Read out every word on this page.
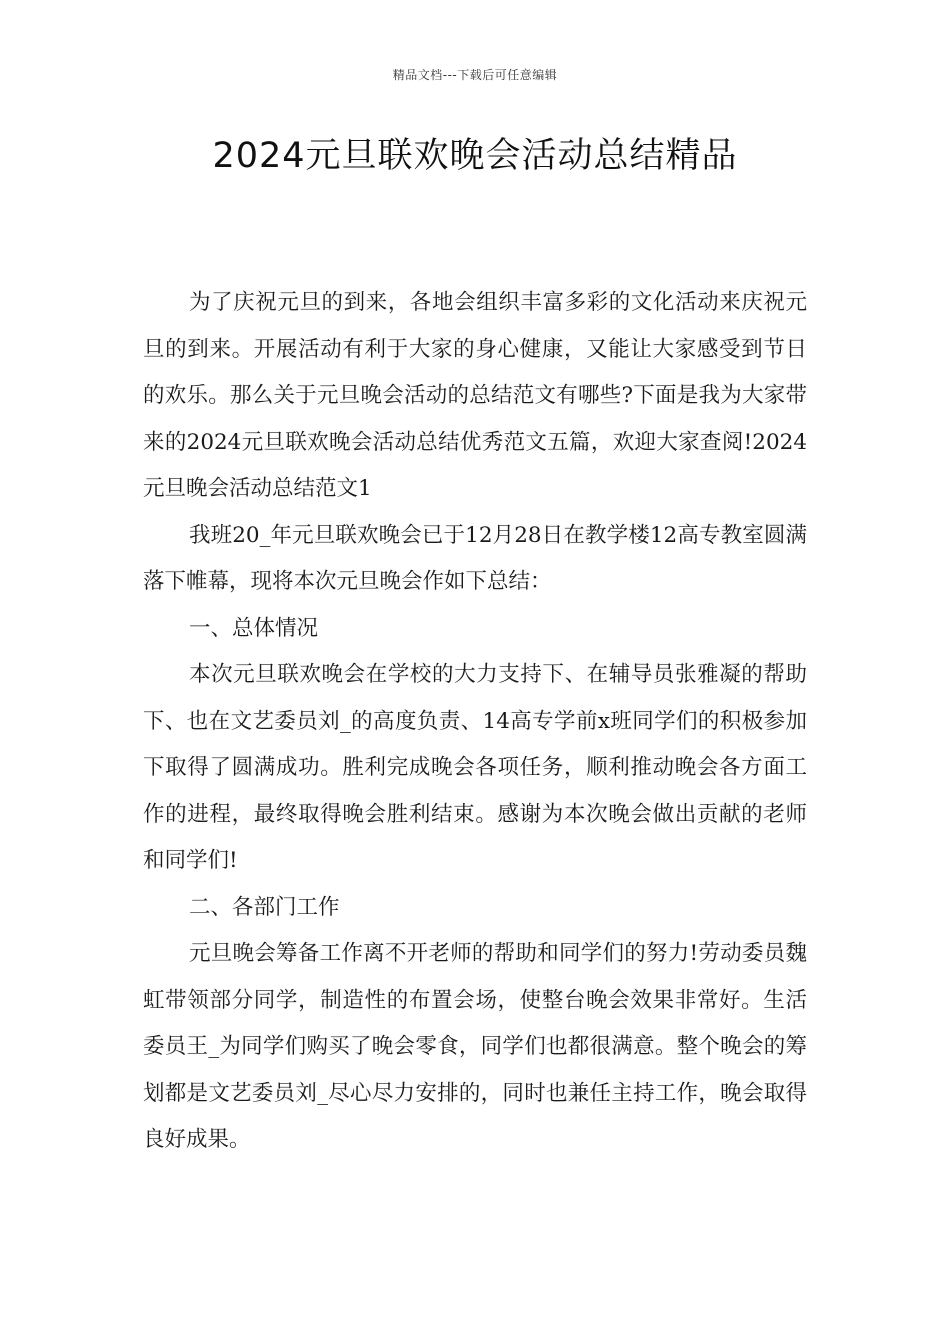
精品文档---下载后可任意编辑
2024元旦联欢晚会活动总结精品

为了庆祝元旦的到来，各地会组织丰富多彩的文化活动来庆祝元旦的到来。开展活动有利于大家的身心健康，又能让大家感受到节日的欢乐。那么关于元旦晚会活动的总结范文有哪些?下面是我为大家带来的2024元旦联欢晚会活动总结优秀范文五篇，欢迎大家查阅!2024元旦晚会活动总结范文1

我班20_年元旦联欢晚会已于12月28日在教学楼12高专教室圆满落下帷幕，现将本次元旦晚会作如下总结：

一、总体情况

本次元旦联欢晚会在学校的大力支持下、在辅导员张雅凝的帮助下、也在文艺委员刘_的高度负责、14高专学前x班同学们的积极参加下取得了圆满成功。胜利完成晚会各项任务，顺利推动晚会各方面工作的进程，最终取得晚会胜利结束。感谢为本次晚会做出贡献的老师和同学们!

二、各部门工作

元旦晚会筹备工作离不开老师的帮助和同学们的努力!劳动委员魏虹带领部分同学，制造性的布置会场，使整台晚会效果非常好。生活委员王_为同学们购买了晚会零食，同学们也都很满意。整个晚会的筹划都是文艺委员刘_尽心尽力安排的，同时也兼任主持工作，晚会取得良好成果。
